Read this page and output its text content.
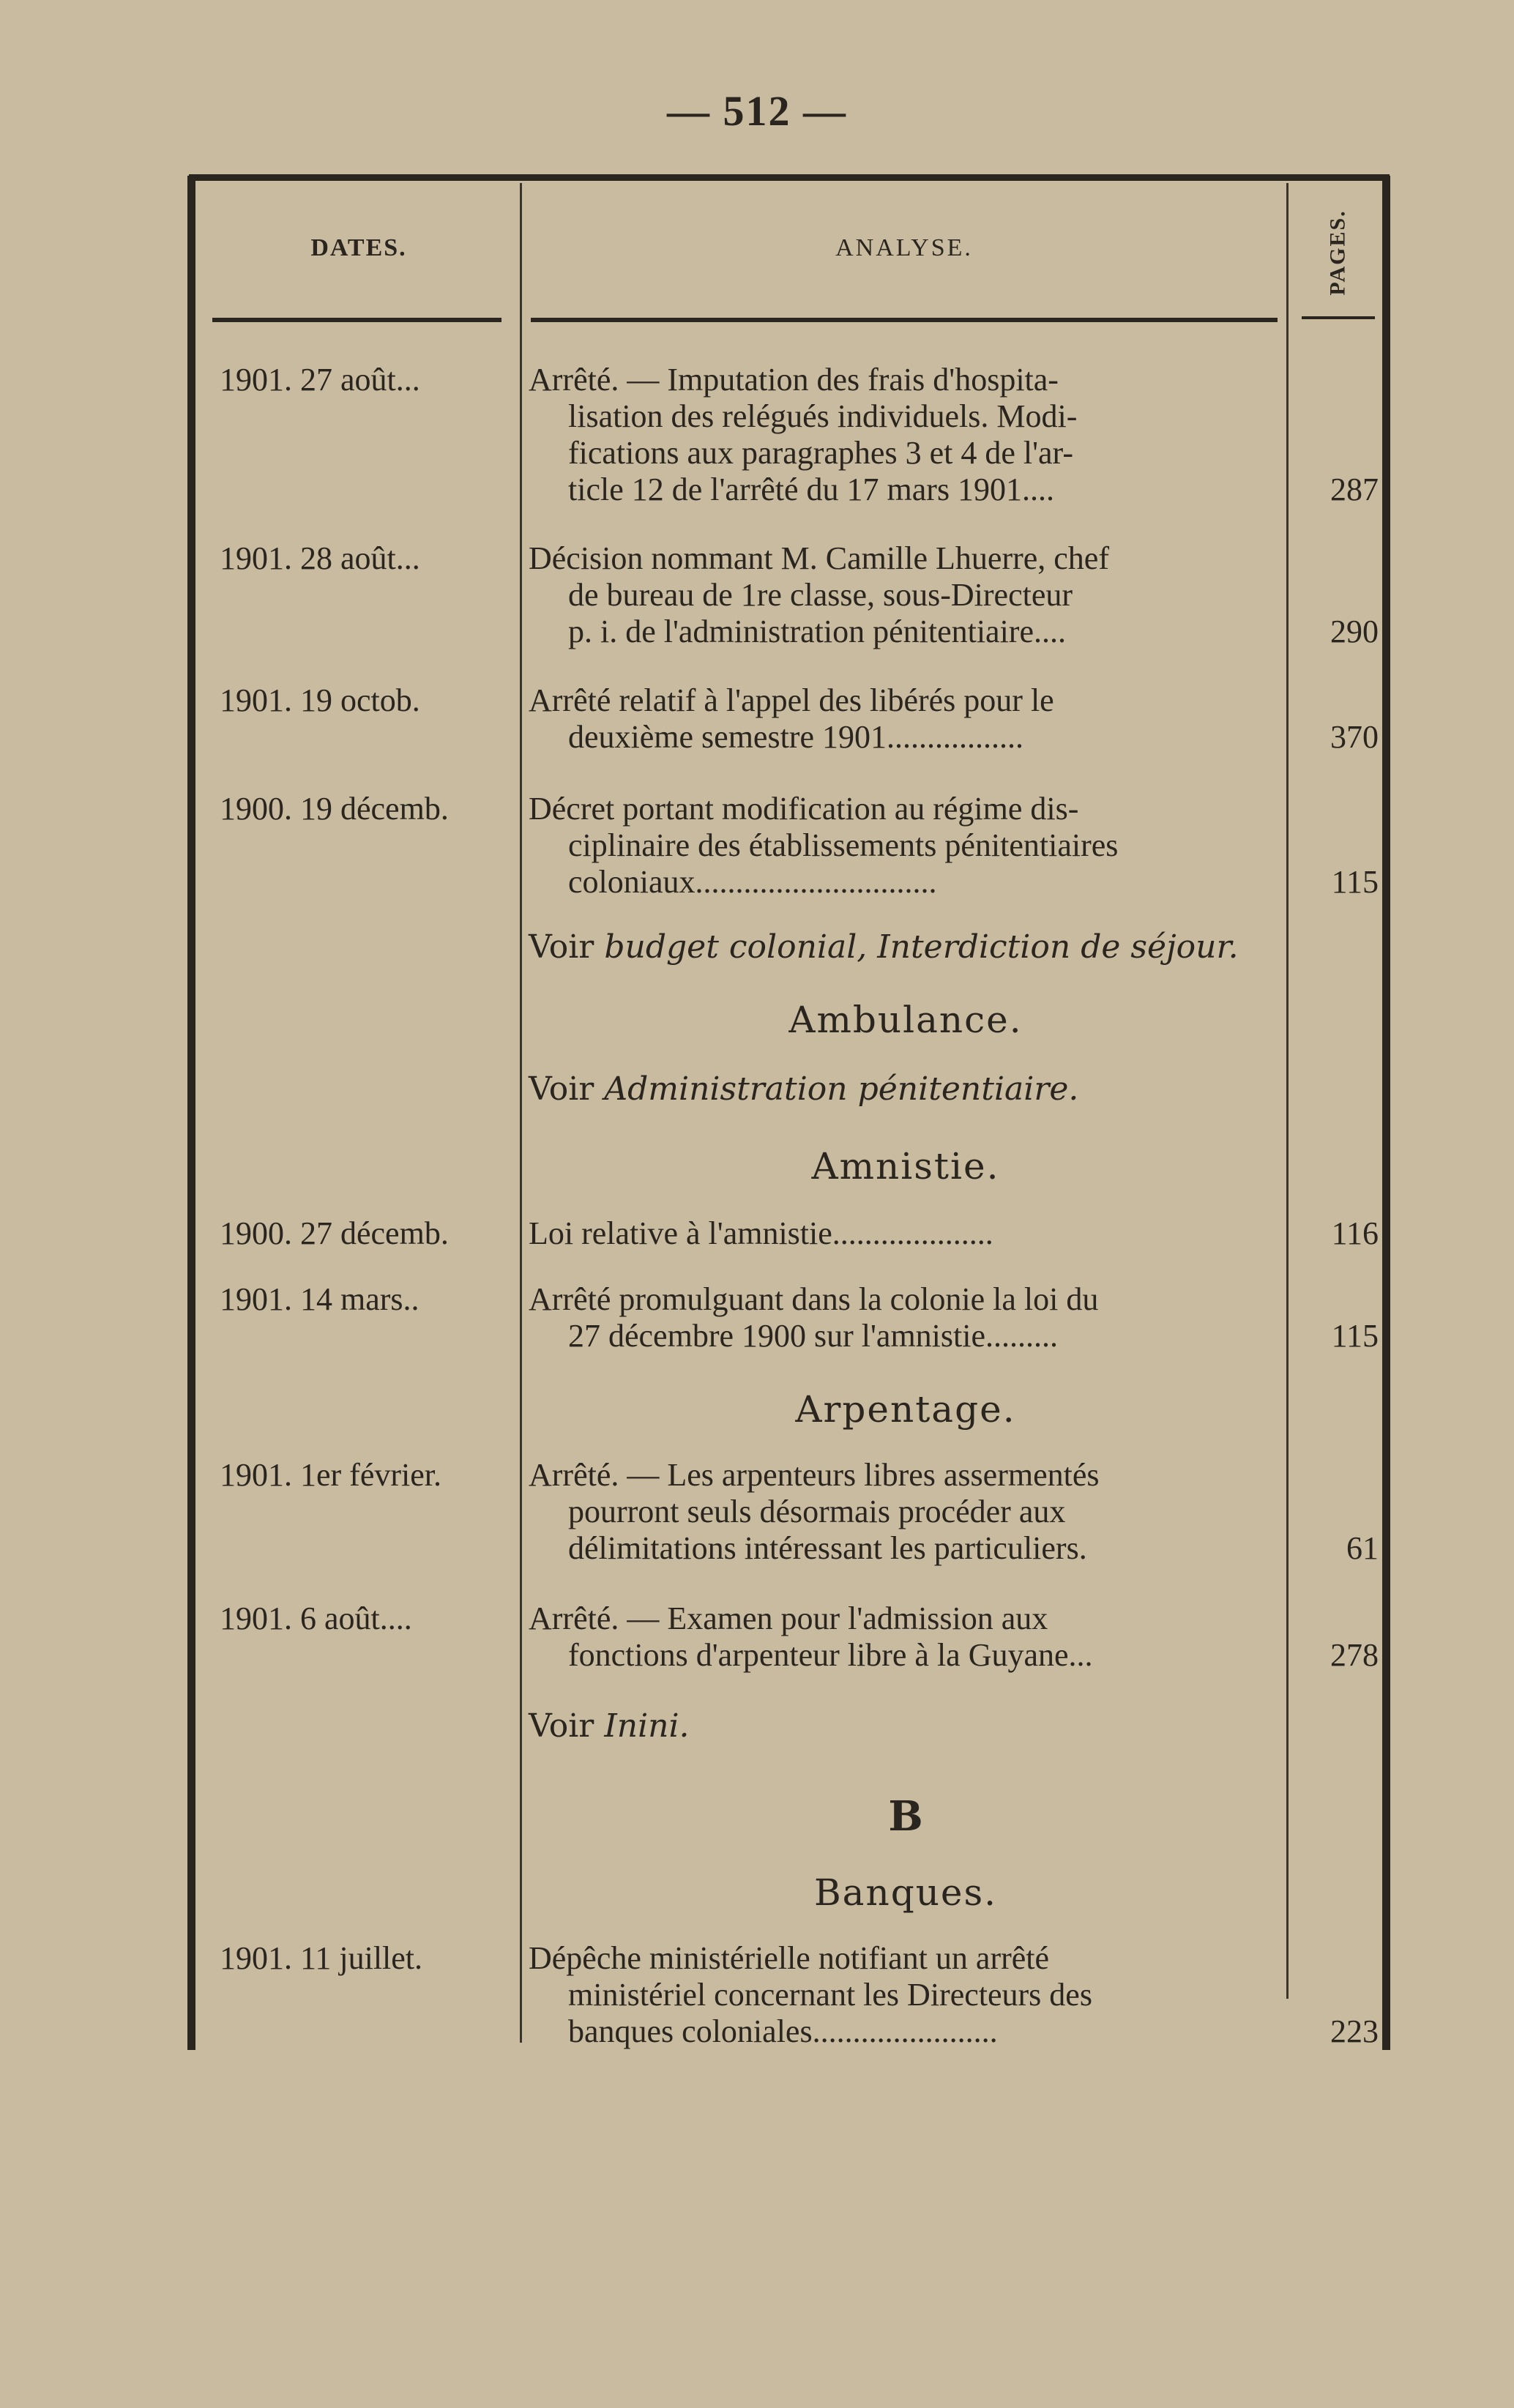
— 512 —
DATES.	ANALYSE.	PAGES.
1901. 27 août...	Arrêté. — Imputation des frais d'hospita-
lisation des relégués individuels. Modi-
fications aux paragraphes 3 et 4 de l'ar-
ticle 12 de l'arrêté du 17 mars 1901....	287
1901. 28 août...	Décision nommant M. Camille Lhuerre, chef
de bureau de 1re classe, sous-Directeur
p. i. de l'administration pénitentiaire....	290
1901. 19 octob.	Arrêté relatif à l'appel des libérés pour le
deuxième semestre 1901.................	370
1900. 19 décemb.	Décret portant modification au régime dis-
ciplinaire des établissements pénitentiaires
coloniaux..............................	115
Voir budget colonial, Interdiction de séjour.
Ambulance.
Voir Administration pénitentiaire.
Amnistie.
1900. 27 décemb.	Loi relative à l'amnistie....................	116
1901. 14 mars..	Arrêté promulguant dans la colonie la loi du
27 décembre 1900 sur l'amnistie.........	115
Arpentage.
1901. 1er février.	Arrêté. — Les arpenteurs libres assermentés
pourront seuls désormais procéder aux
délimitations intéressant les particuliers.	61
1901. 6 août....	Arrêté. — Examen pour l'admission aux
fonctions d'arpenteur libre à la Guyane...	278
Voir Inini.
B
Banques.
1901. 11 juillet.	Dépêche ministérielle notifiant un arrêté
ministériel concernant les Directeurs des
banques coloniales.......................	223
